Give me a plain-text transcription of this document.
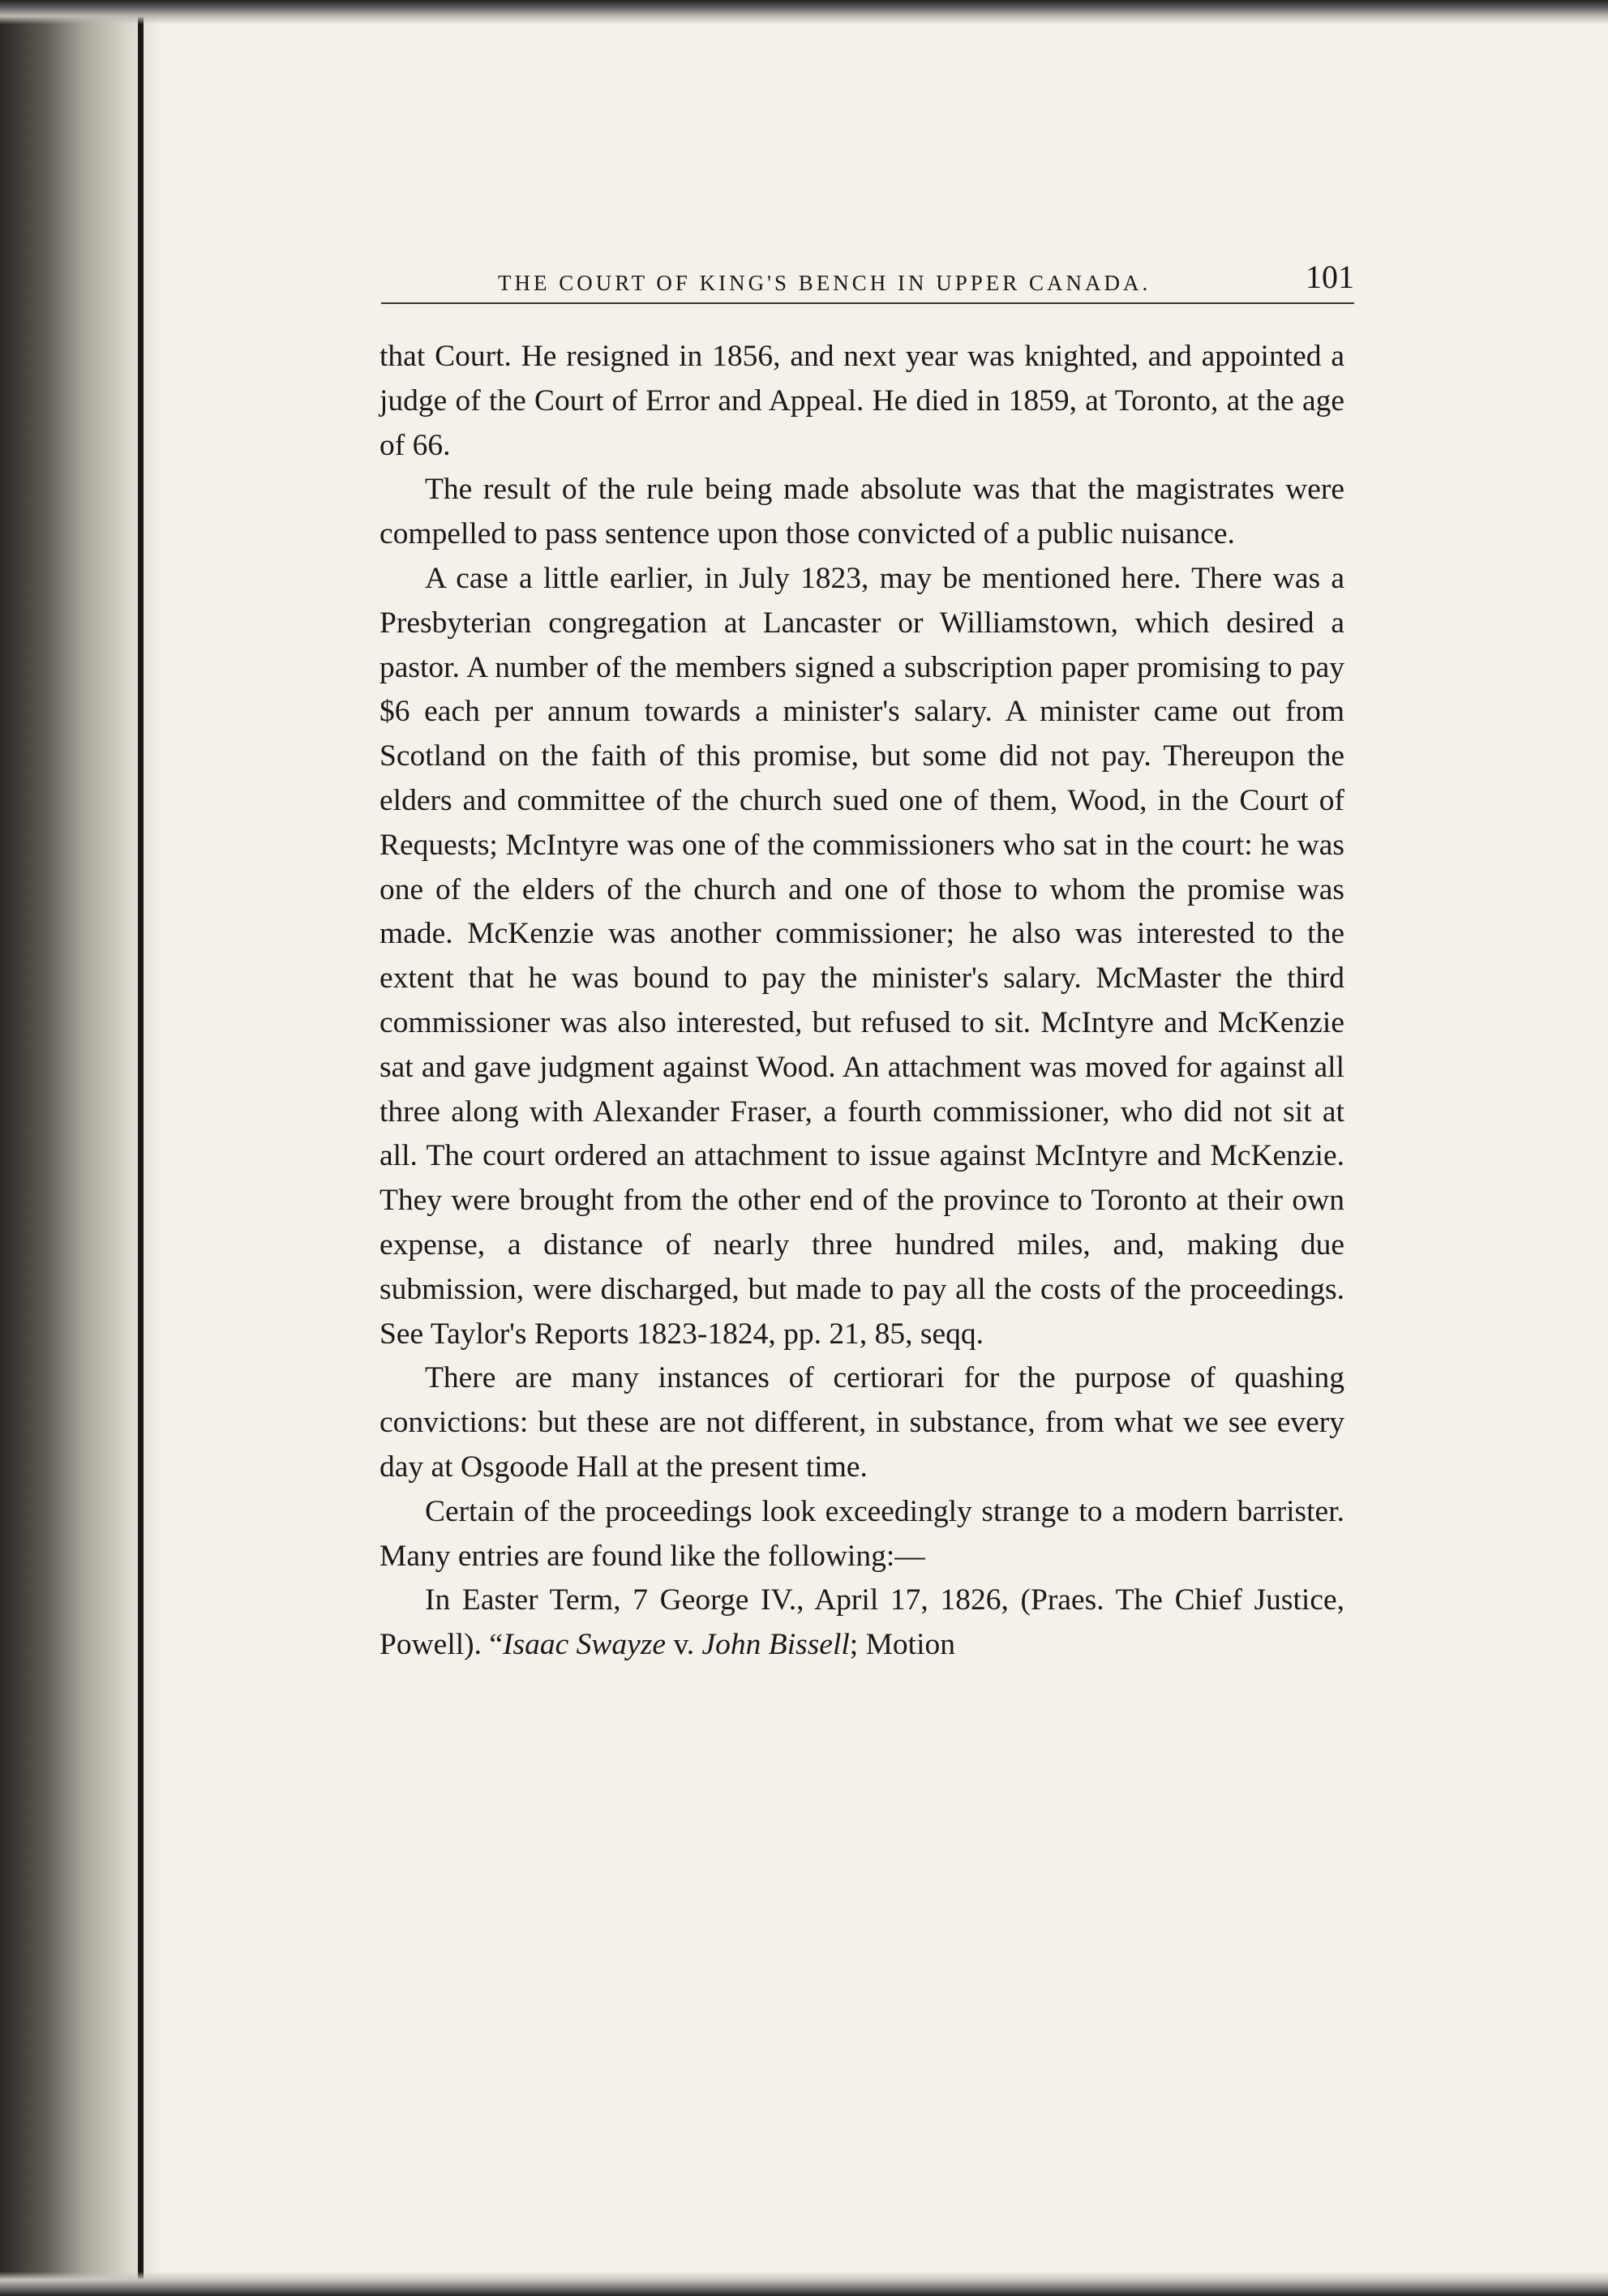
THE COURT OF KING'S BENCH IN UPPER CANADA.	101

that Court. He resigned in 1856, and next year was knighted, and appointed a judge of the Court of Error and Appeal. He died in 1859, at Toronto, at the age of 66.

The result of the rule being made absolute was that the magistrates were compelled to pass sentence upon those convicted of a public nuisance.

A case a little earlier, in July 1823, may be mentioned here. There was a Presbyterian congregation at Lancaster or Williamstown, which desired a pastor. A number of the members signed a subscription paper promising to pay $6 each per annum towards a minister's salary. A minister came out from Scotland on the faith of this promise, but some did not pay. Thereupon the elders and committee of the church sued one of them, Wood, in the Court of Requests; McIntyre was one of the commissioners who sat in the court: he was one of the elders of the church and one of those to whom the promise was made. McKenzie was another commissioner; he also was interested to the extent that he was bound to pay the minister's salary. McMaster the third commissioner was also interested, but refused to sit. McIntyre and McKenzie sat and gave judgment against Wood. An attachment was moved for against all three along with Alexander Fraser, a fourth commissioner, who did not sit at all. The court ordered an attachment to issue against McIntyre and McKenzie. They were brought from the other end of the province to Toronto at their own expense, a distance of nearly three hundred miles, and, making due submission, were discharged, but made to pay all the costs of the proceedings. See Taylor's Reports 1823-1824, pp. 21, 85, seqq.

There are many instances of certiorari for the purpose of quashing convictions: but these are not different, in substance, from what we see every day at Osgoode Hall at the present time.

Certain of the proceedings look exceedingly strange to a modern barrister. Many entries are found like the following:—

In Easter Term, 7 George IV., April 17, 1826, (Praes. The Chief Justice, Powell). “Isaac Swayze v. John Bissell; Motion
